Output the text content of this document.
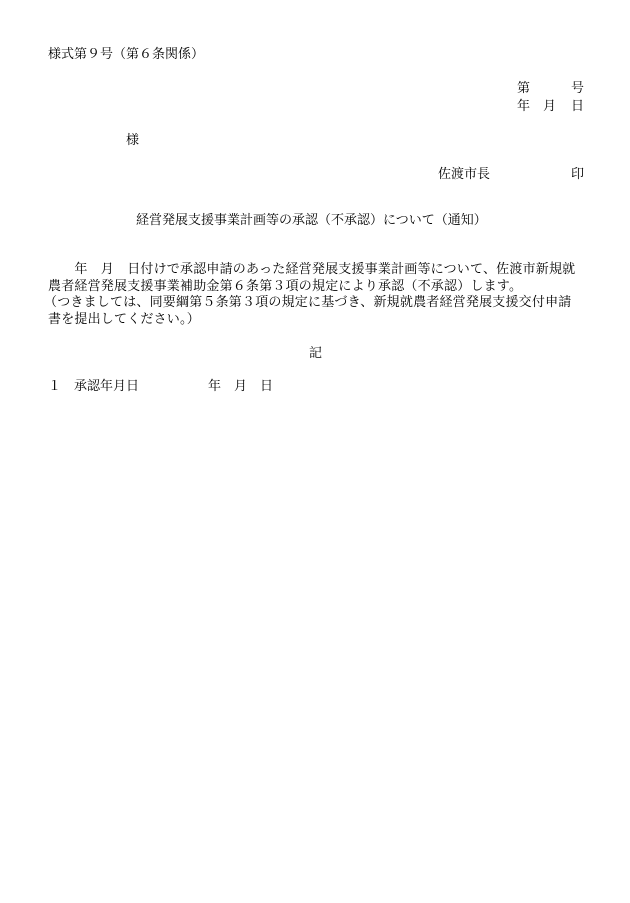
様式第９号（第６条関係）
第	号
年 月 日
様
佐渡市長	印
経営発展支援事業計画等の承認（不承認）について（通知）
　　年　月　日付けで承認申請のあった経営発展支援事業計画等について、佐渡市新規就
農者経営発展支援事業補助金第６条第３項の規定により承認（不承認）します。
（つきましては、同要綱第５条第３項の規定に基づき、新規就農者経営発展支援交付申請
書を提出してください。）
記
１ 承認年月日	年 月 日
